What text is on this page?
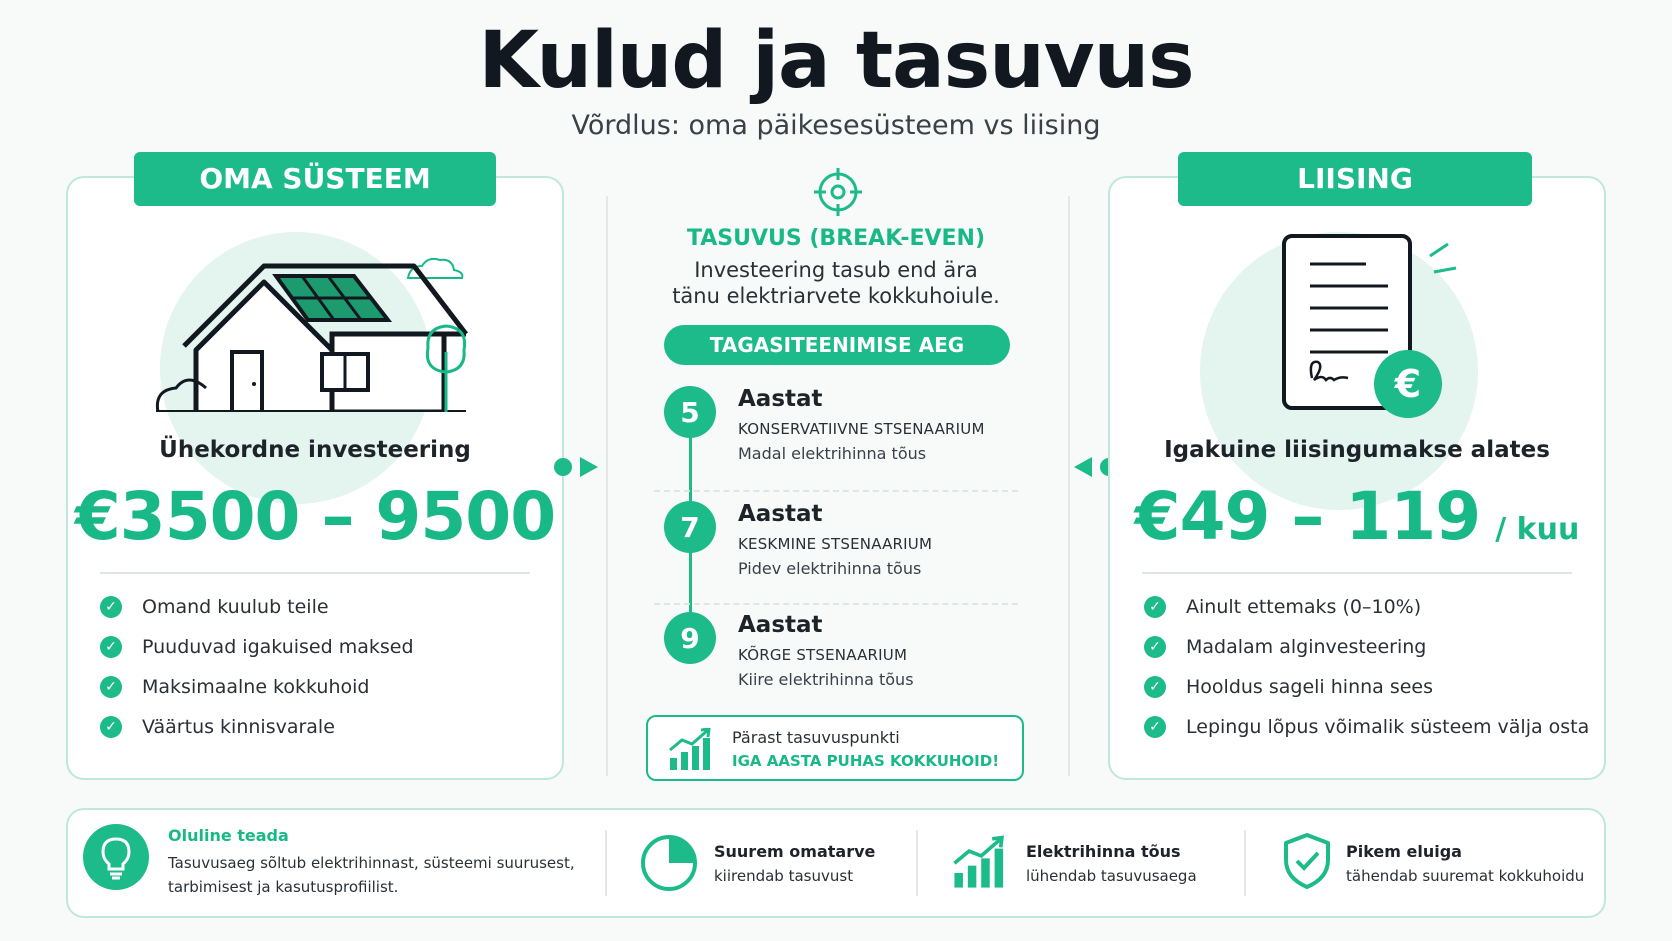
Kulud ja tasuvus
Võrdlus: oma päikesesüsteem vs liising
OMA SÜSTEEM
Ühekordne investeering
€3500 – 9500
✓ Omand kuulub teile
✓ Puuduvad igakuised maksed
✓ Maksimaalne kokkuhoid
✓ Väärtus kinnisvarale
TASUVUS (BREAK-EVEN)
Investeering tasub end ära
tänu elektriarvete kokkuhoiule.
TAGASITEENIMISE AEG
5	Aastat
KONSERVATIIVNE STSENAARIUM
Madal elektrihinna tõus
7	Aastat
KESKMINE STSENAARIUM
Pidev elektrihinna tõus
9	Aastat
KÕRGE STSENAARIUM
Kiire elektrihinna tõus
Pärast tasuvuspunkti
IGA AASTA PUHAS KOKKUHOID!
LIISING
€
Igakuine liisingumakse alates
€49 – 119 / kuu
✓ Ainult ettemaks (0–10%)
✓ Madalam alginvesteering
✓ Hooldus sageli hinna sees
✓ Lepingu lõpus võimalik süsteem välja osta
Oluline teada
Tasuvusaeg sõltub elektrihinnast, süsteemi suurusest,
tarbimisest ja kasutusprofiilist.
Suurem omatarve
kiirendab tasuvust
Elektrihinna tõus
lühendab tasuvusaega
Pikem eluiga
tähendab suuremat kokkuhoidu
